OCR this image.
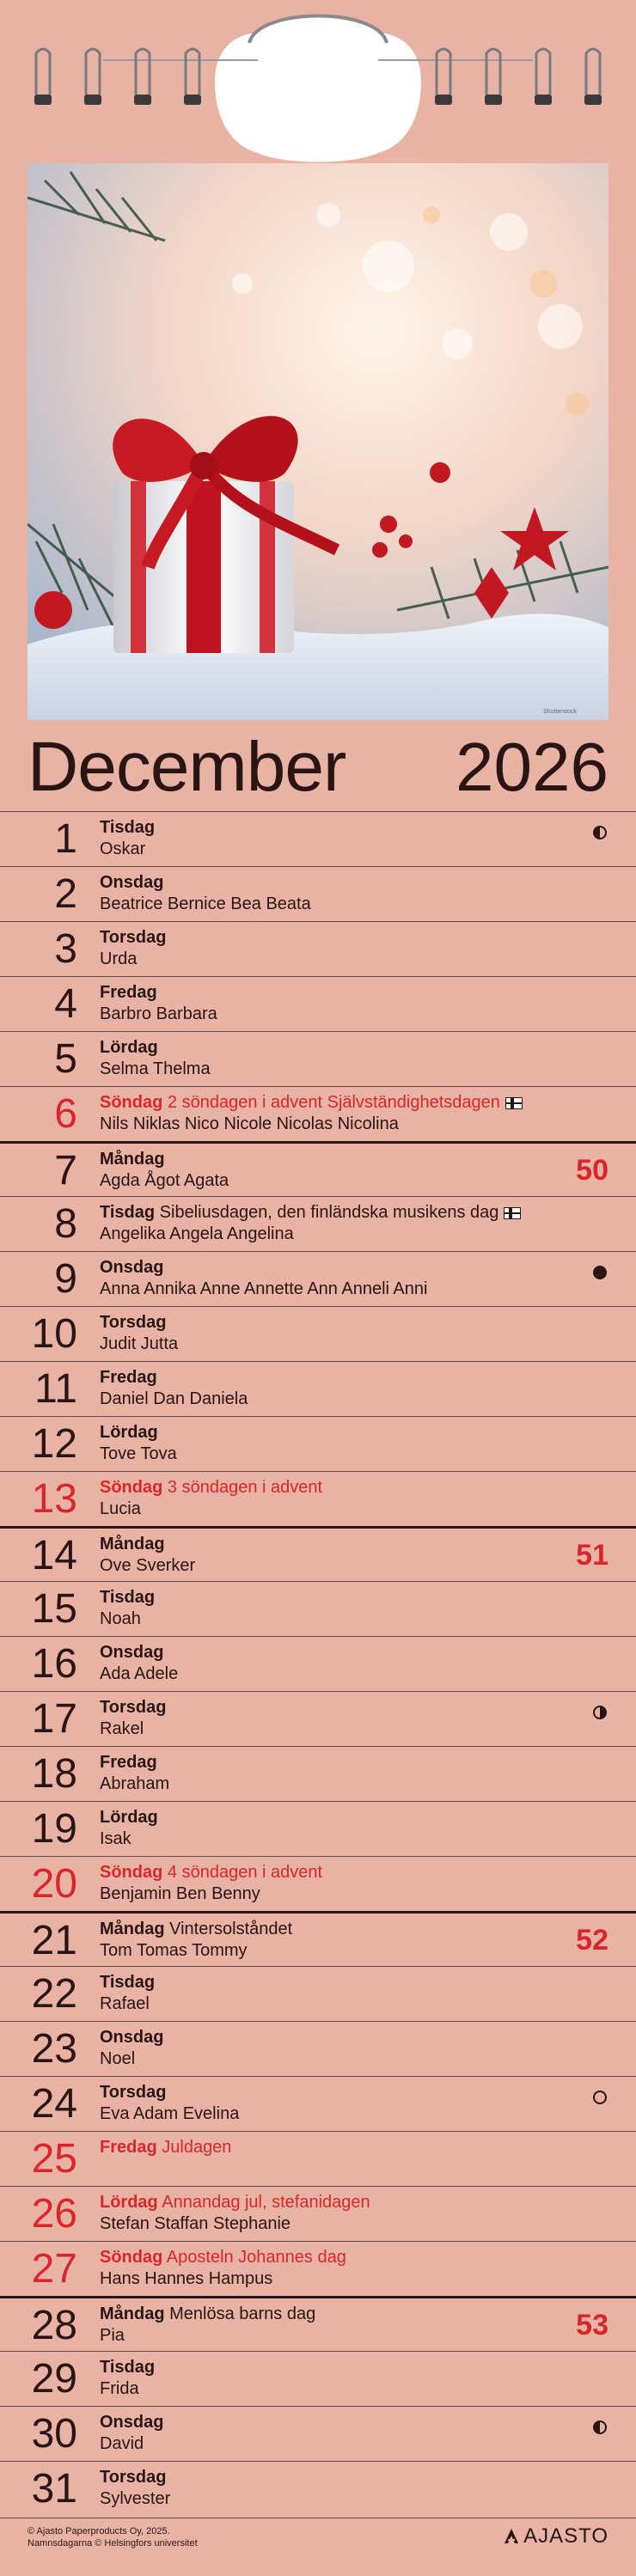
Shutterstock
December 2026
1 Tisdag
Oskar
2 Onsdag
Beatrice Bernice Bea Beata
3 Torsdag
Urda
4 Fredag
Barbro Barbara
5 Lördag
Selma Thelma
6 Söndag 2 söndagen i advent Självständighetsdagen
Nils Niklas Nico Nicole Nicolas Nicolina
7 Måndag
Agda Ågot Agata	50
8 Tisdag Sibeliusdagen, den finländska musikens dag
Angelika Angela Angelina
9 Onsdag
Anna Annika Anne Annette Ann Anneli Anni
10 Torsdag
Judit Jutta
11 Fredag
Daniel Dan Daniela
12 Lördag
Tove Tova
13 Söndag 3 söndagen i advent
Lucia
14 Måndag
Ove Sverker	51
15 Tisdag
Noah
16 Onsdag
Ada Adele
17 Torsdag
Rakel
18 Fredag
Abraham
19 Lördag
Isak
20 Söndag 4 söndagen i advent
Benjamin Ben Benny
21 Måndag Vintersolståndet
Tom Tomas Tommy	52
22 Tisdag
Rafael
23 Onsdag
Noel
24 Torsdag
Eva Adam Evelina
25 Fredag Juldagen
26 Lördag Annandag jul, stefanidagen
Stefan Staffan Stephanie
27 Söndag Aposteln Johannes dag
Hans Hannes Hampus
28 Måndag Menlösa barns dag
Pia	53
29 Tisdag
Frida
30 Onsdag
David
31 Torsdag
Sylvester
© Ajasto Paperproducts Oy, 2025.
Namnsdagarna © Helsingfors universitet	AJASTO
